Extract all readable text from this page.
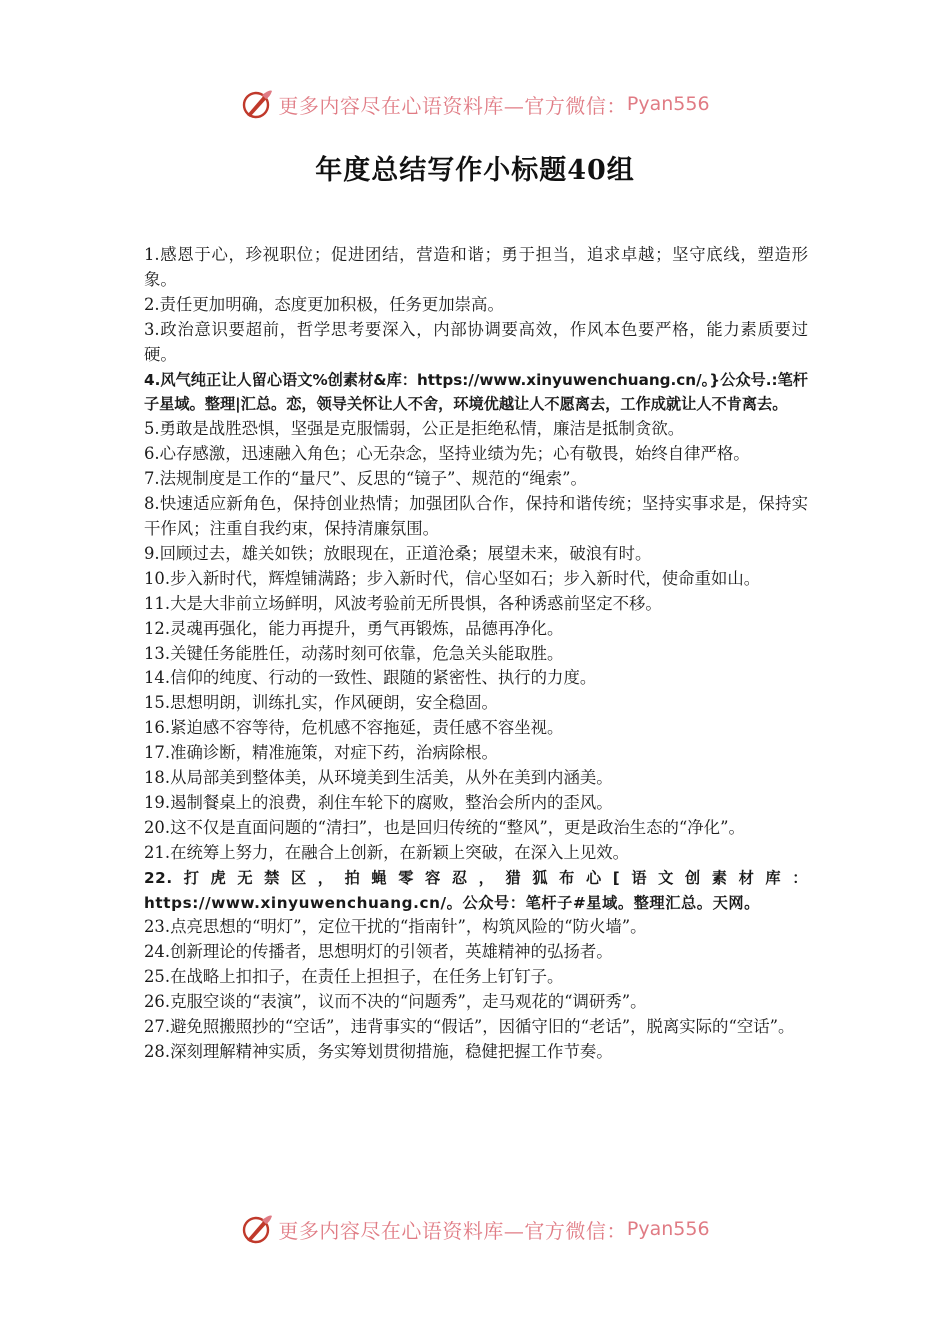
更多内容尽在心语资料库—官方微信： Pyan556
年度总结写作小标题40组

1.感恩于心，珍视职位；促进团结，营造和谐；勇于担当，追求卓越；坚守底线，塑造形象。

2.责任更加明确，态度更加积极，任务更加崇高。

3.政治意识要超前，哲学思考要深入，内部协调要高效，作风本色要严格，能力素质要过硬。

4.风气纯正让人留心语文%创素材&库：https://www.xinyuwenchuang.cn/。}公众号.:笔杆子星域。整理|汇总。恋，领导关怀让人不舍，环境优越让人不愿离去，工作成就让人不肯离去。

5.勇敢是战胜恐惧，坚强是克服懦弱，公正是拒绝私情，廉洁是抵制贪欲。

6.心存感激，迅速融入角色；心无杂念，坚持业绩为先；心有敬畏，始终自律严格。

7.法规制度是工作的“量尺”、反思的“镜子”、规范的“绳索”。

8.快速适应新角色，保持创业热情；加强团队合作，保持和谐传统；坚持实事求是，保持实干作风；注重自我约束，保持清廉氛围。

9.回顾过去，雄关如铁；放眼现在，正道沧桑；展望未来，破浪有时。

10.步入新时代，辉煌铺满路；步入新时代，信心坚如石；步入新时代，使命重如山。

11.大是大非前立场鲜明，风波考验前无所畏惧，各种诱惑前坚定不移。

12.灵魂再强化，能力再提升，勇气再锻炼，品德再净化。

13.关键任务能胜任，动荡时刻可依靠，危急关头能取胜。

14.信仰的纯度、行动的一致性、跟随的紧密性、执行的力度。

15.思想明朗，训练扎实，作风硬朗，安全稳固。

16.紧迫感不容等待，危机感不容拖延，责任感不容坐视。

17.准确诊断，精准施策，对症下药，治病除根。

18.从局部美到整体美，从环境美到生活美，从外在美到内涵美。

19.遏制餐桌上的浪费，刹住车轮下的腐败，整治会所内的歪风。

20.这不仅是直面问题的“清扫”，也是回归传统的“整风”，更是政治生态的“净化”。

21.在统筹上努力，在融合上创新，在新颖上突破，在深入上见效。

22.打虎无禁区，拍蝇零容忍，猎狐布心[语文创素材库：https://www.xinyuwenchuang.cn/。公众号：笔杆子#星域。整理汇总。天网。

23.点亮思想的“明灯”，定位干扰的“指南针”，构筑风险的“防火墙”。

24.创新理论的传播者，思想明灯的引领者，英雄精神的弘扬者。

25.在战略上扣扣子，在责任上担担子，在任务上钉钉子。

26.克服空谈的“表演”，议而不决的“问题秀”，走马观花的“调研秀”。

27.避免照搬照抄的“空话”，违背事实的“假话”，因循守旧的“老话”，脱离实际的“空话”。

28.深刻理解精神实质，务实筹划贯彻措施，稳健把握工作节奏。

更多内容尽在心语资料库—官方微信： Pyan556
